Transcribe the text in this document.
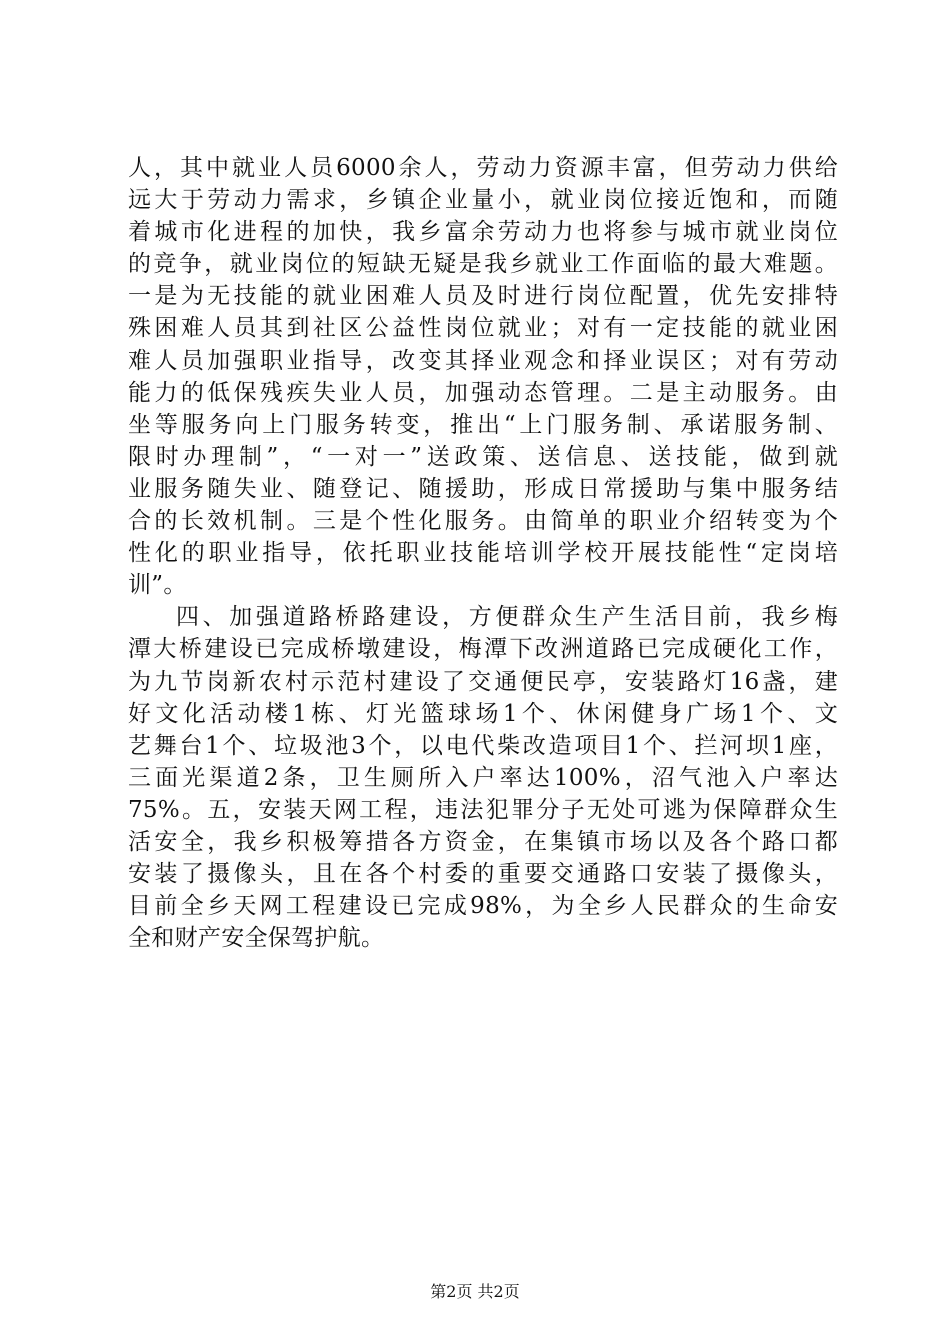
人，其中就业人员6000余人，劳动力资源丰富，但劳动力供给
远大于劳动力需求，乡镇企业量小，就业岗位接近饱和，而随
着城市化进程的加快，我乡富余劳动力也将参与城市就业岗位
的竞争，就业岗位的短缺无疑是我乡就业工作面临的最大难题。
一是为无技能的就业困难人员及时进行岗位配置，优先安排特
殊困难人员其到社区公益性岗位就业；对有一定技能的就业困
难人员加强职业指导，改变其择业观念和择业误区；对有劳动
能力的低保残疾失业人员，加强动态管理。二是主动服务。由
坐等服务向上门服务转变，推出“上门服务制、承诺服务制、
限时办理制”，“一对一”送政策、送信息、送技能，做到就
业服务随失业、随登记、随援助，形成日常援助与集中服务结
合的长效机制。三是个性化服务。由简单的职业介绍转变为个
性化的职业指导，依托职业技能培训学校开展技能性“定岗培
训”。
四、加强道路桥路建设，方便群众生产生活目前，我乡梅
潭大桥建设已完成桥墩建设，梅潭下改洲道路已完成硬化工作，
为九节岗新农村示范村建设了交通便民亭，安装路灯16盏，建
好文化活动楼1栋、灯光篮球场1个、休闲健身广场1个、文
艺舞台1个、垃圾池3个，以电代柴改造项目1个、拦河坝1座，
三面光渠道2条，卫生厕所入户率达100%，沼气池入户率达
75%。五，安装天网工程，违法犯罪分子无处可逃为保障群众生
活安全，我乡积极筹措各方资金，在集镇市场以及各个路口都
安装了摄像头，且在各个村委的重要交通路口安装了摄像头，
目前全乡天网工程建设已完成98%，为全乡人民群众的生命安
全和财产安全保驾护航。
第2页 共2页
